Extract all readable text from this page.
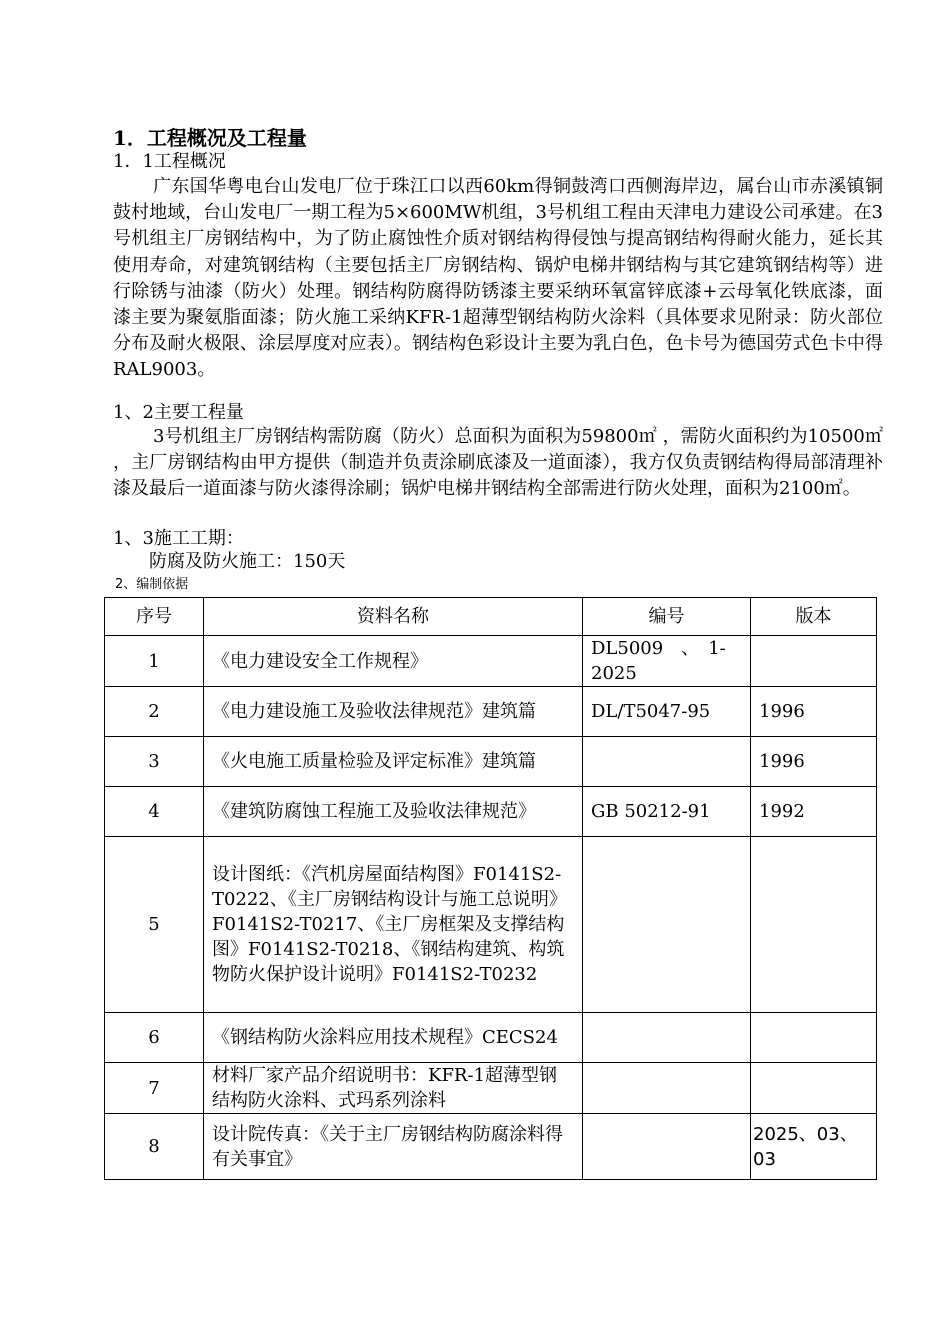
1．工程概况及工程量
1．1工程概况

广东国华粤电台山发电厂位于珠江口以西60km得铜鼓湾口西侧海岸边，属台山市赤溪镇铜鼓村地域，台山发电厂一期工程为5×600MW机组，3号机组工程由天津电力建设公司承建。在3号机组主厂房钢结构中，为了防止腐蚀性介质对钢结构得侵蚀与提高钢结构得耐火能力，延长其使用寿命，对建筑钢结构（主要包括主厂房钢结构、锅炉电梯井钢结构与其它建筑钢结构等）进行除锈与油漆（防火）处理。钢结构防腐得防锈漆主要采纳环氧富锌底漆+云母氧化铁底漆，面漆主要为聚氨脂面漆；防火施工采纳KFR-1超薄型钢结构防火涂料（具体要求见附录：防火部位分布及耐火极限、涂层厚度对应表）。钢结构色彩设计主要为乳白色，色卡号为德国劳式色卡中得RAL9003。

1、2主要工程量

3号机组主厂房钢结构需防腐（防火）总面积为面积为59800㎡ ，需防火面积约为10500㎡ ，主厂房钢结构由甲方提供（制造并负责涂刷底漆及一道面漆），我方仅负责钢结构得局部清理补漆及最后一道面漆与防火漆得涂刷；锅炉电梯井钢结构全部需进行防火处理，面积为2100㎡。

1、3施工工期：
防腐及防火施工：150天
2、编制依据
序号	资料名称	编号	版本
1	《电力建设安全工作规程》	DL5009　、　1-2025	
2	《电力建设施工及验收法律规范》建筑篇	DL/T5047-95	1996
3	《火电施工质量检验及评定标准》建筑篇		1996
4	《建筑防腐蚀工程施工及验收法律规范》	GB 50212-91	1992
5	设计图纸：《汽机房屋面结构图》F0141S2-T0222、《主厂房钢结构设计与施工总说明》F0141S2-T0217、《主厂房框架及支撑结构图》F0141S2-T0218、《钢结构建筑、构筑物防火保护设计说明》F0141S2-T0232		
6	《钢结构防火涂料应用技术规程》CECS24		
7	材料厂家产品介绍说明书：KFR-1超薄型钢结构防火涂料、式玛系列涂料		
8	设计院传真：《关于主厂房钢结构防腐涂料得有关事宜》		2025、03、03
